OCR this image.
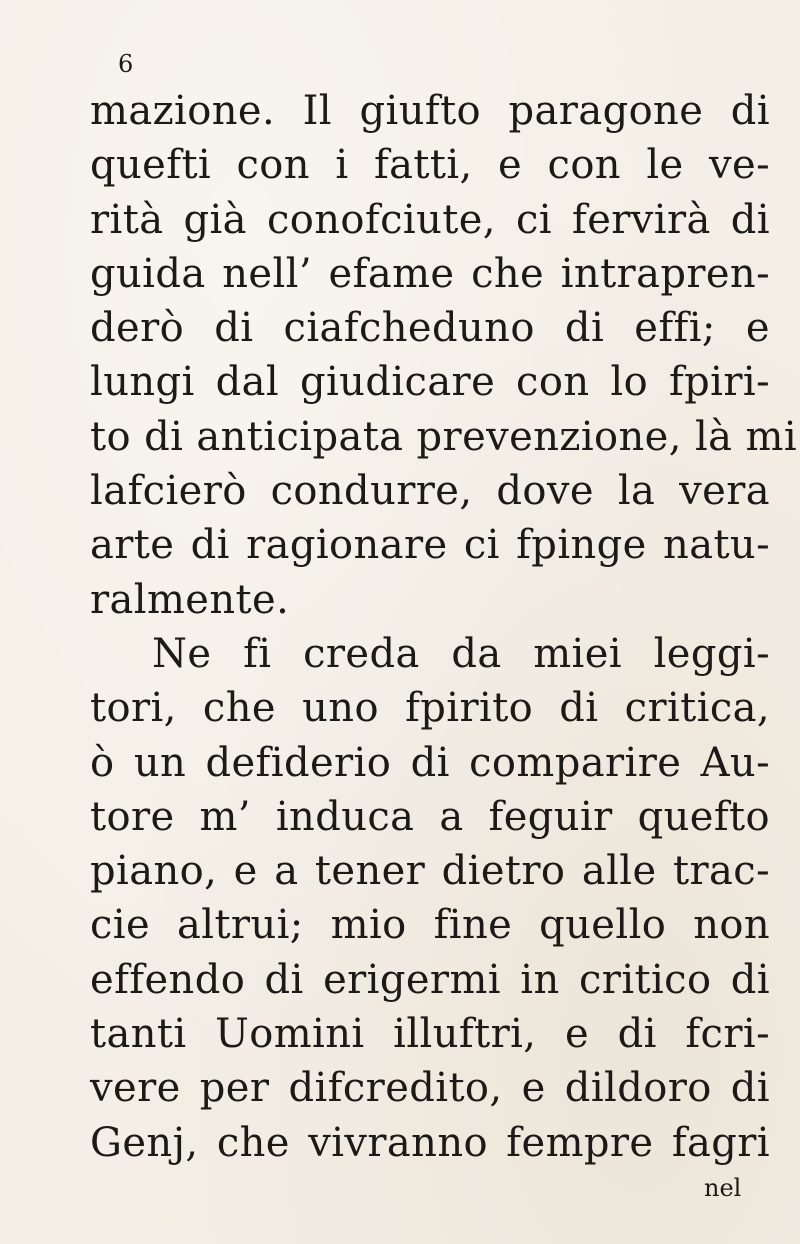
6
mazione. Il giufto paragone di
quefti con i fatti, e con le ve-
rità già conofciute, ci fervirà di
guida nell’ efame che intrapren-
derò di ciafcheduno di effi; e
lungi dal giudicare con lo fpiri-
to di anticipata prevenzione, là mi
lafcierò condurre, dove la vera
arte di ragionare ci fpinge natu-
ralmente.
Ne fi creda da miei leggi-
tori, che uno fpirito di critica,
ò un defiderio di comparire Au-
tore m’ induca a feguir quefto
piano, e a tener dietro alle trac-
cie altrui; mio fine quello non
effendo di erigermi in critico di
tanti Uomini illuftri, e di fcri-
vere per difcredito, e dildoro di
Genj, che vivranno fempre fagri
nel
